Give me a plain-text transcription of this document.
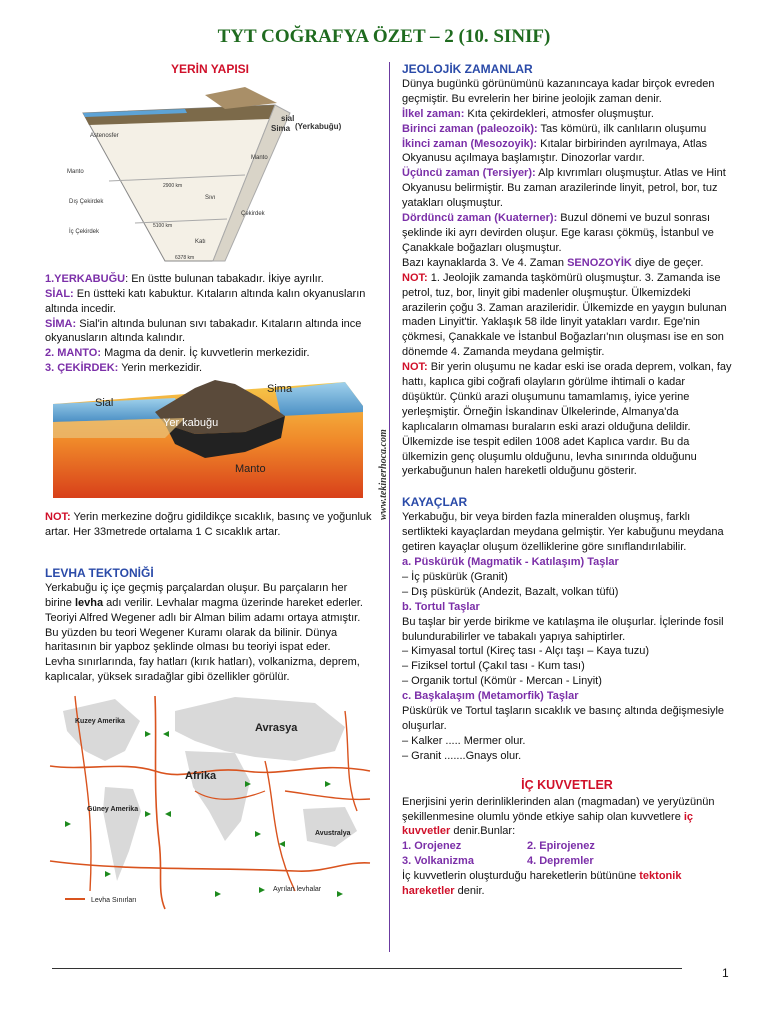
TYT COĞRAFYA ÖZET – 2 (10. SINIF)
www.tekinerhoca.com
YERİN YAPISI
Astenosfer
Manto
Manto
2900 km
5100 km
6378 km
Dış Çekirdek
İç Çekirdek
Sıvı
Katı
Çekirdek
sial
Sima (Yerkabuğu)

1.YERKABUĞU: En üstte bulunan tabakadır. İkiye ayrılır.

SİAL: En üstteki katı kabuktur. Kıtaların altında kalın okyanusların altında incedir.

SİMA: Sial'in altında bulunan sıvı tabakadır. Kıtaların altında ince okyanusların altında kalındır.

2. MANTO: Magma da denir. İç kuvvetlerin merkezidir.

3. ÇEKİRDEK: Yerin merkezidir.

Sial
Sima
Yer kabuğu
Manto

NOT: Yerin merkezine doğru gidildikçe sıcaklık, basınç ve yoğunluk artar. Her 33metrede ortalama 1 C sıcaklık artar.

LEVHA TEKTONİĞİ

Yerkabuğu iç içe geçmiş parçalardan oluşur. Bu parçaların her birine levha adı verilir. Levhalar magma üzerinde hareket ederler. Teoriyi Alfred Wegener adlı bir Alman bilim adamı ortaya atmıştır. Bu yüzden bu teori Wegener Kuramı olarak da bilinir. Dünya haritasının bir yapboz şeklinde olması bu teoriyi ispat eder.

Levha sınırlarında, fay hatları (kırık hatları), volkanizma, deprem, kaplıcalar, yüksek sıradağlar gibi özellikler görülür.

Kuzey Amerika
Avrasya
Afrika
Güney Amerika
Avustralya
Levha Sınırları
Ayrılan levhalar
JEOLOJİK ZAMANLAR

Dünya bugünkü görünümünü kazanıncaya kadar birçok evreden geçmiştir. Bu evrelerin her birine jeolojik zaman denir.

İlkel zaman: Kıta çekirdekleri, atmosfer oluşmuştur.

Birinci zaman (paleozoik): Tas kömürü, ilk canlıların oluşumu

İkinci zaman (Mesozoyik): Kıtalar birbirinden ayrılmaya, Atlas Okyanusu açılmaya başlamıştır. Dinozorlar vardır.

Üçüncü zaman (Tersiyer): Alp kıvrımları oluşmuştur. Atlas ve Hint Okyanusu belirmiştir. Bu zaman arazilerinde linyit, petrol, bor, tuz yatakları oluşmuştur.

Dördüncü zaman (Kuaterner): Buzul dönemi ve buzul sonrası şeklinde iki ayrı devirden oluşur. Ege karası çökmüş, İstanbul ve Çanakkale boğazları oluşmuştur.

Bazı kaynaklarda 3. Ve 4. Zaman SENOZOYİK diye de geçer.

NOT: 1. Jeolojik zamanda taşkömürü oluşmuştur. 3. Zamanda ise petrol, tuz, bor, linyit gibi madenler oluşmuştur. Ülkemizdeki arazilerin çoğu 3. Zaman arazileridir. Ülkemizde en yaygın bulunan maden Linyit'tir. Yaklaşık 58 ilde linyit yatakları vardır. Ege'nin çökmesi, Çanakkale ve İstanbul Boğazları'nın oluşması ise en son dönemde 4. Zamanda meydana gelmiştir.

NOT: Bir yerin oluşumu ne kadar eski ise orada deprem, volkan, fay hattı, kaplıca gibi coğrafi olayların görülme ihtimali o kadar düşüktür. Çünkü arazi oluşumunu tamamlamış, iyice yerine yerleşmiştir. Örneğin İskandinav Ülkelerinde, Almanya'da kaplıcaların olmaması buraların eski arazi olduğuna delildir. Ülkemizde ise tespit edilen 1008 adet Kaplıca vardır. Bu da ülkemizin genç oluşumlu olduğunu, levha sınırında olduğunu yerkabuğunun halen hareketli olduğunu gösterir.

KAYAÇLAR

Yerkabuğu, bir veya birden fazla mineralden oluşmuş, farklı sertlikteki kayaçlardan meydana gelmiştir. Yer kabuğunu meydana getiren kayaçlar oluşum özelliklerine göre sınıflandırılabilir.

a. Püskürük (Magmatik - Katılaşım) Taşlar

– İç püskürük (Granit)

– Dış püskürük (Andezit, Bazalt, volkan tüfü)

b. Tortul Taşlar

Bu taşlar bir yerde birikme ve katılaşma ile oluşurlar. İçlerinde fosil bulundurabilirler ve tabakalı yapıya sahiptirler.

– Kimyasal tortul (Kireç tası - Alçı taşı – Kaya tuzu)

– Fiziksel tortul (Çakıl tası - Kum tası)

– Organik tortul (Kömür - Mercan - Linyit)

c. Başkalaşım (Metamorfik) Taşlar

Püskürük ve Tortul taşların sıcaklık ve basınç altında değişmesiyle oluşurlar.

– Kalker ..... Mermer olur.

– Granit .......Gnays olur.

İÇ KUVVETLER

Enerjisini yerin derinliklerinden alan (magmadan) ve yeryüzünün şekillenmesine olumlu yönde etkiye sahip olan kuvvetlere iç kuvvetler denir.Bunlar:

1. Orojenez	2. Epirojenez

3. Volkanizma	4. Depremler

İç kuvvetlerin oluşturduğu hareketlerin bütününe tektonik hareketler denir.

1
